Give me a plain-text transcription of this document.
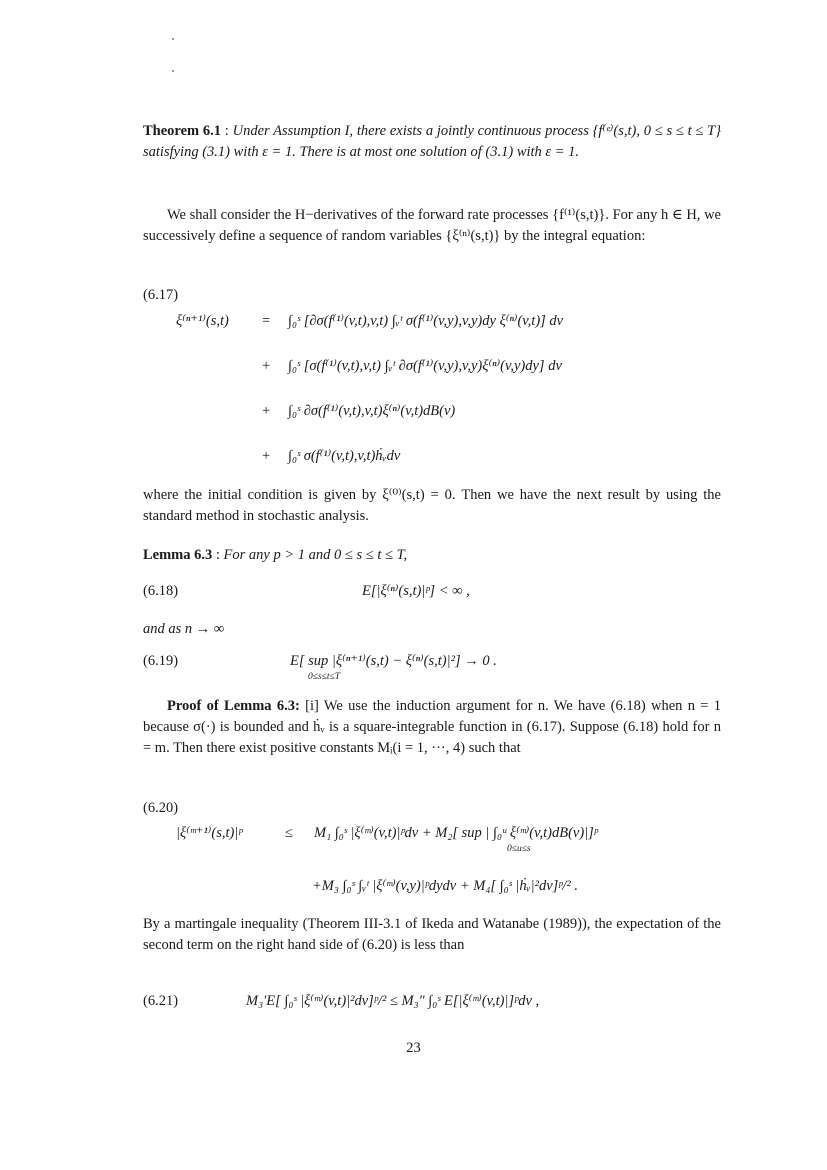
Theorem 6.1 : Under Assumption I, there exists a jointly continuous process {f⁽ᵉ⁾(s,t), 0 ≤ s ≤ t ≤ T} satisfying (3.1) with ε = 1. There is at most one solution of (3.1) with ε = 1.
We shall consider the H−derivatives of the forward rate processes {f⁽¹⁾(s,t)}. For any h ∈ H, we successively define a sequence of random variables {ξ⁽ⁿ⁾(s,t)} by the integral equation:
(6.17)
ξ⁽ⁿ⁺¹⁾(s,t) = ∫₀ˢ [∂σ(f⁽¹⁾(v,t),v,t) ∫ᵥᵗ σ(f⁽¹⁾(v,y),v,y)dy ξ⁽ⁿ⁾(v,t)] dv
+ ∫₀ˢ [σ(f⁽¹⁾(v,t),v,t) ∫ᵥᵗ ∂σ(f⁽¹⁾(v,y),v,y)ξ⁽ⁿ⁾(v,y)dy] dv
+ ∫₀ˢ ∂σ(f⁽¹⁾(v,t),v,t)ξ⁽ⁿ⁾(v,t)dB(v)
+ ∫₀ˢ σ(f⁽¹⁾(v,t),v,t)ḣᵥdv
where the initial condition is given by ξ⁽⁰⁾(s,t) = 0. Then we have the next result by using the standard method in stochastic analysis.
Lemma 6.3 : For any p > 1 and 0 ≤ s ≤ t ≤ T,
(6.18)	E[|ξ⁽ⁿ⁾(s,t)|ᵖ] < ∞ ,
and as n → ∞
(6.19)	E[ sup |ξ⁽ⁿ⁺¹⁾(s,t) − ξ⁽ⁿ⁾(s,t)|²] → 0 .
0≤s≤t≤T
Proof of Lemma 6.3: [i] We use the induction argument for n. We have (6.18) when n = 1 because σ(·) is bounded and ḣᵥ is a square-integrable function in (6.17). Suppose (6.18) hold for n = m. Then there exist positive constants Mᵢ(i = 1, ···, 4) such that
(6.20)
|ξ⁽ᵐ⁺¹⁾(s,t)|ᵖ	≤ M₁ ∫₀ˢ |ξ⁽ᵐ⁾(v,t)|ᵖdv + M₂[ sup | ∫₀ᵘ ξ⁽ᵐ⁾(v,t)dB(v)|]ᵖ
0≤u≤s
+M₃ ∫₀ˢ ∫ᵥᵗ |ξ⁽ᵐ⁾(v,y)|ᵖdydv + M₄[ ∫₀ˢ |ḣᵥ|²dv]ᵖ/² .
By a martingale inequality (Theorem III-3.1 of Ikeda and Watanabe (1989)), the expectation of the second term on the right hand side of (6.20) is less than
(6.21)	M₃′E[ ∫₀ˢ |ξ⁽ᵐ⁾(v,t)|²dv]ᵖ/² ≤ M₃″ ∫₀ˢ E[|ξ⁽ᵐ⁾(v,t)|]ᵖdv ,
23
